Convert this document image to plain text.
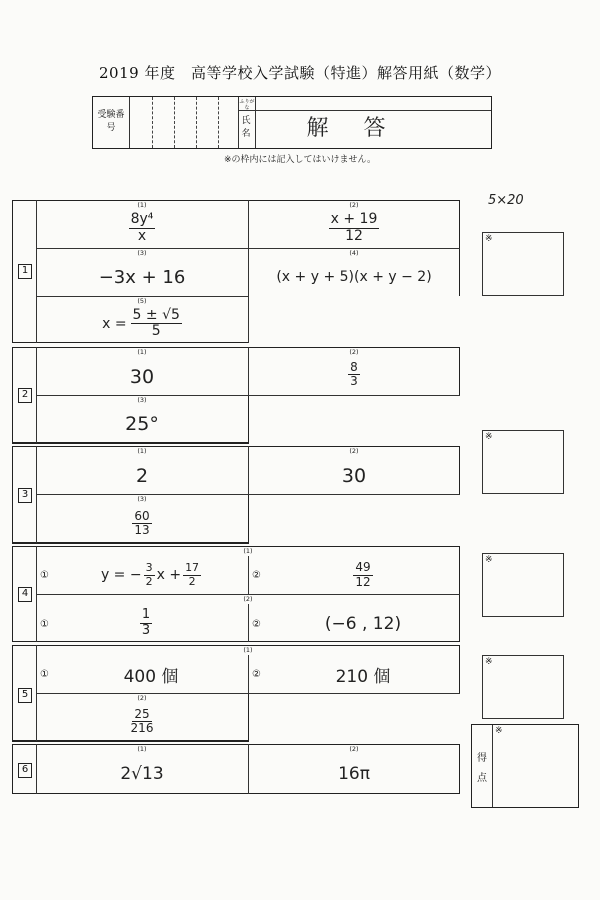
2019 年度　高等学校入学試験（特進）解答用紙（数学）
受験番号
ふりがな
氏名	解 答
※の枠内には記入してはいけません。
5×20
1
(1)
$\frac{\text{8y⁴}}{x}$
(2)
$\frac{x + 19}{12}$
(3)
−3x + 16
(4)
(x + y + 5)(x + y − 2)
(5)
$x = \frac{5 \pm √5}{5}$
2
(1)
30
(2)
$\frac{8}{3}$
(3)
25°
3
(1)
2
(2)
30
(3)
$\frac{60}{13}$
4
(1)
①	y = − $\frac{3}{2}$ $x + \frac{17}{2}$	②	$\frac{49}{12}$
(2)
①	$\frac{1}{3}$	②	(−6 , 12)
5
(1)
①	400 個	②	210 個
(2)
$\frac{25}{216}$
6
(1)
2√13
(2)
16π
※
※
※
※
得点
※
